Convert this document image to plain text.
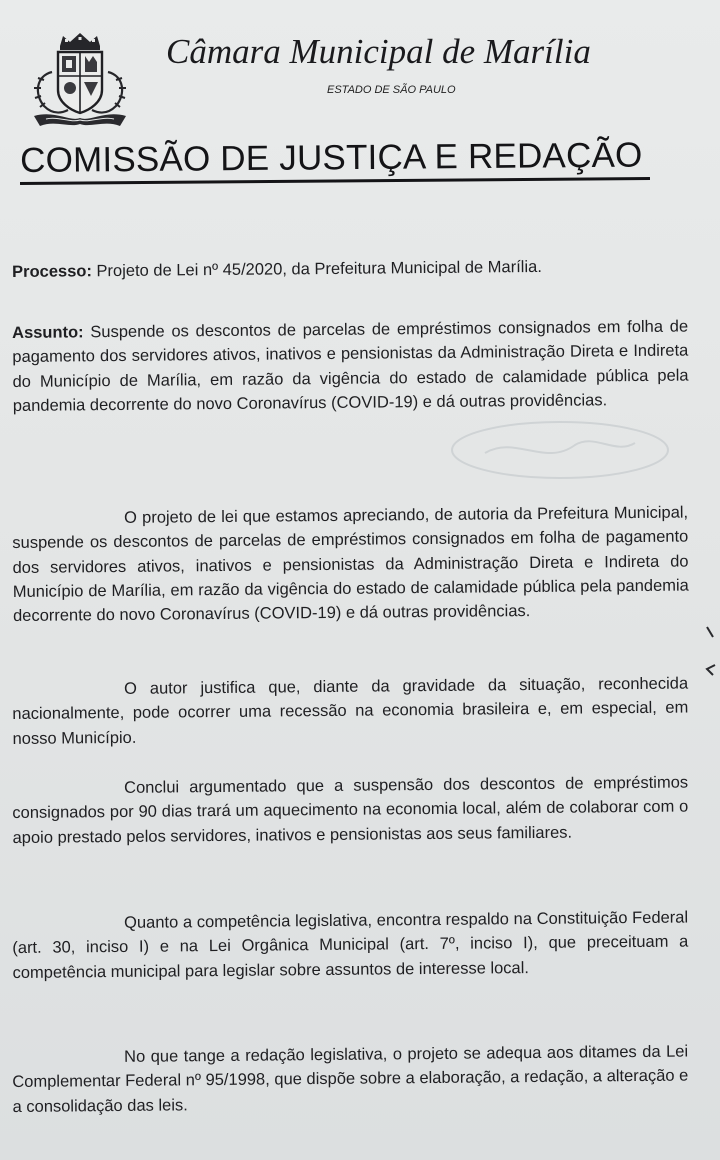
Câmara Municipal de Marília
ESTADO DE SÃO PAULO
COMISSÃO DE JUSTIÇA E REDAÇÃO
Processo: Projeto de Lei nº 45/2020, da Prefeitura Municipal de Marília.
Assunto: Suspende os descontos de parcelas de empréstimos consignados em folha de pagamento dos servidores ativos, inativos e pensionistas da Administração Direta e Indireta do Município de Marília, em razão da vigência do estado de calamidade pública pela pandemia decorrente do novo Coronavírus (COVID-19) e dá outras providências.
O projeto de lei que estamos apreciando, de autoria da Prefeitura Municipal, suspende os descontos de parcelas de empréstimos consignados em folha de pagamento dos servidores ativos, inativos e pensionistas da Administração Direta e Indireta do Município de Marília, em razão da vigência do estado de calamidade pública pela pandemia decorrente do novo Coronavírus (COVID-19) e dá outras providências.
O autor justifica que, diante da gravidade da situação, reconhecida nacionalmente, pode ocorrer uma recessão na economia brasileira e, em especial, em nosso Município.
Conclui argumentado que a suspensão dos descontos de empréstimos consignados por 90 dias trará um aquecimento na economia local, além de colaborar com o apoio prestado pelos servidores, inativos e pensionistas aos seus familiares.
Quanto a competência legislativa, encontra respaldo na Constituição Federal (art. 30, inciso I) e na Lei Orgânica Municipal (art. 7º, inciso I), que preceituam a competência municipal para legislar sobre assuntos de interesse local.
No que tange a redação legislativa, o projeto se adequa aos ditames da Lei Complementar Federal nº 95/1998, que dispõe sobre a elaboração, a redação, a alteração e a consolidação das leis.
